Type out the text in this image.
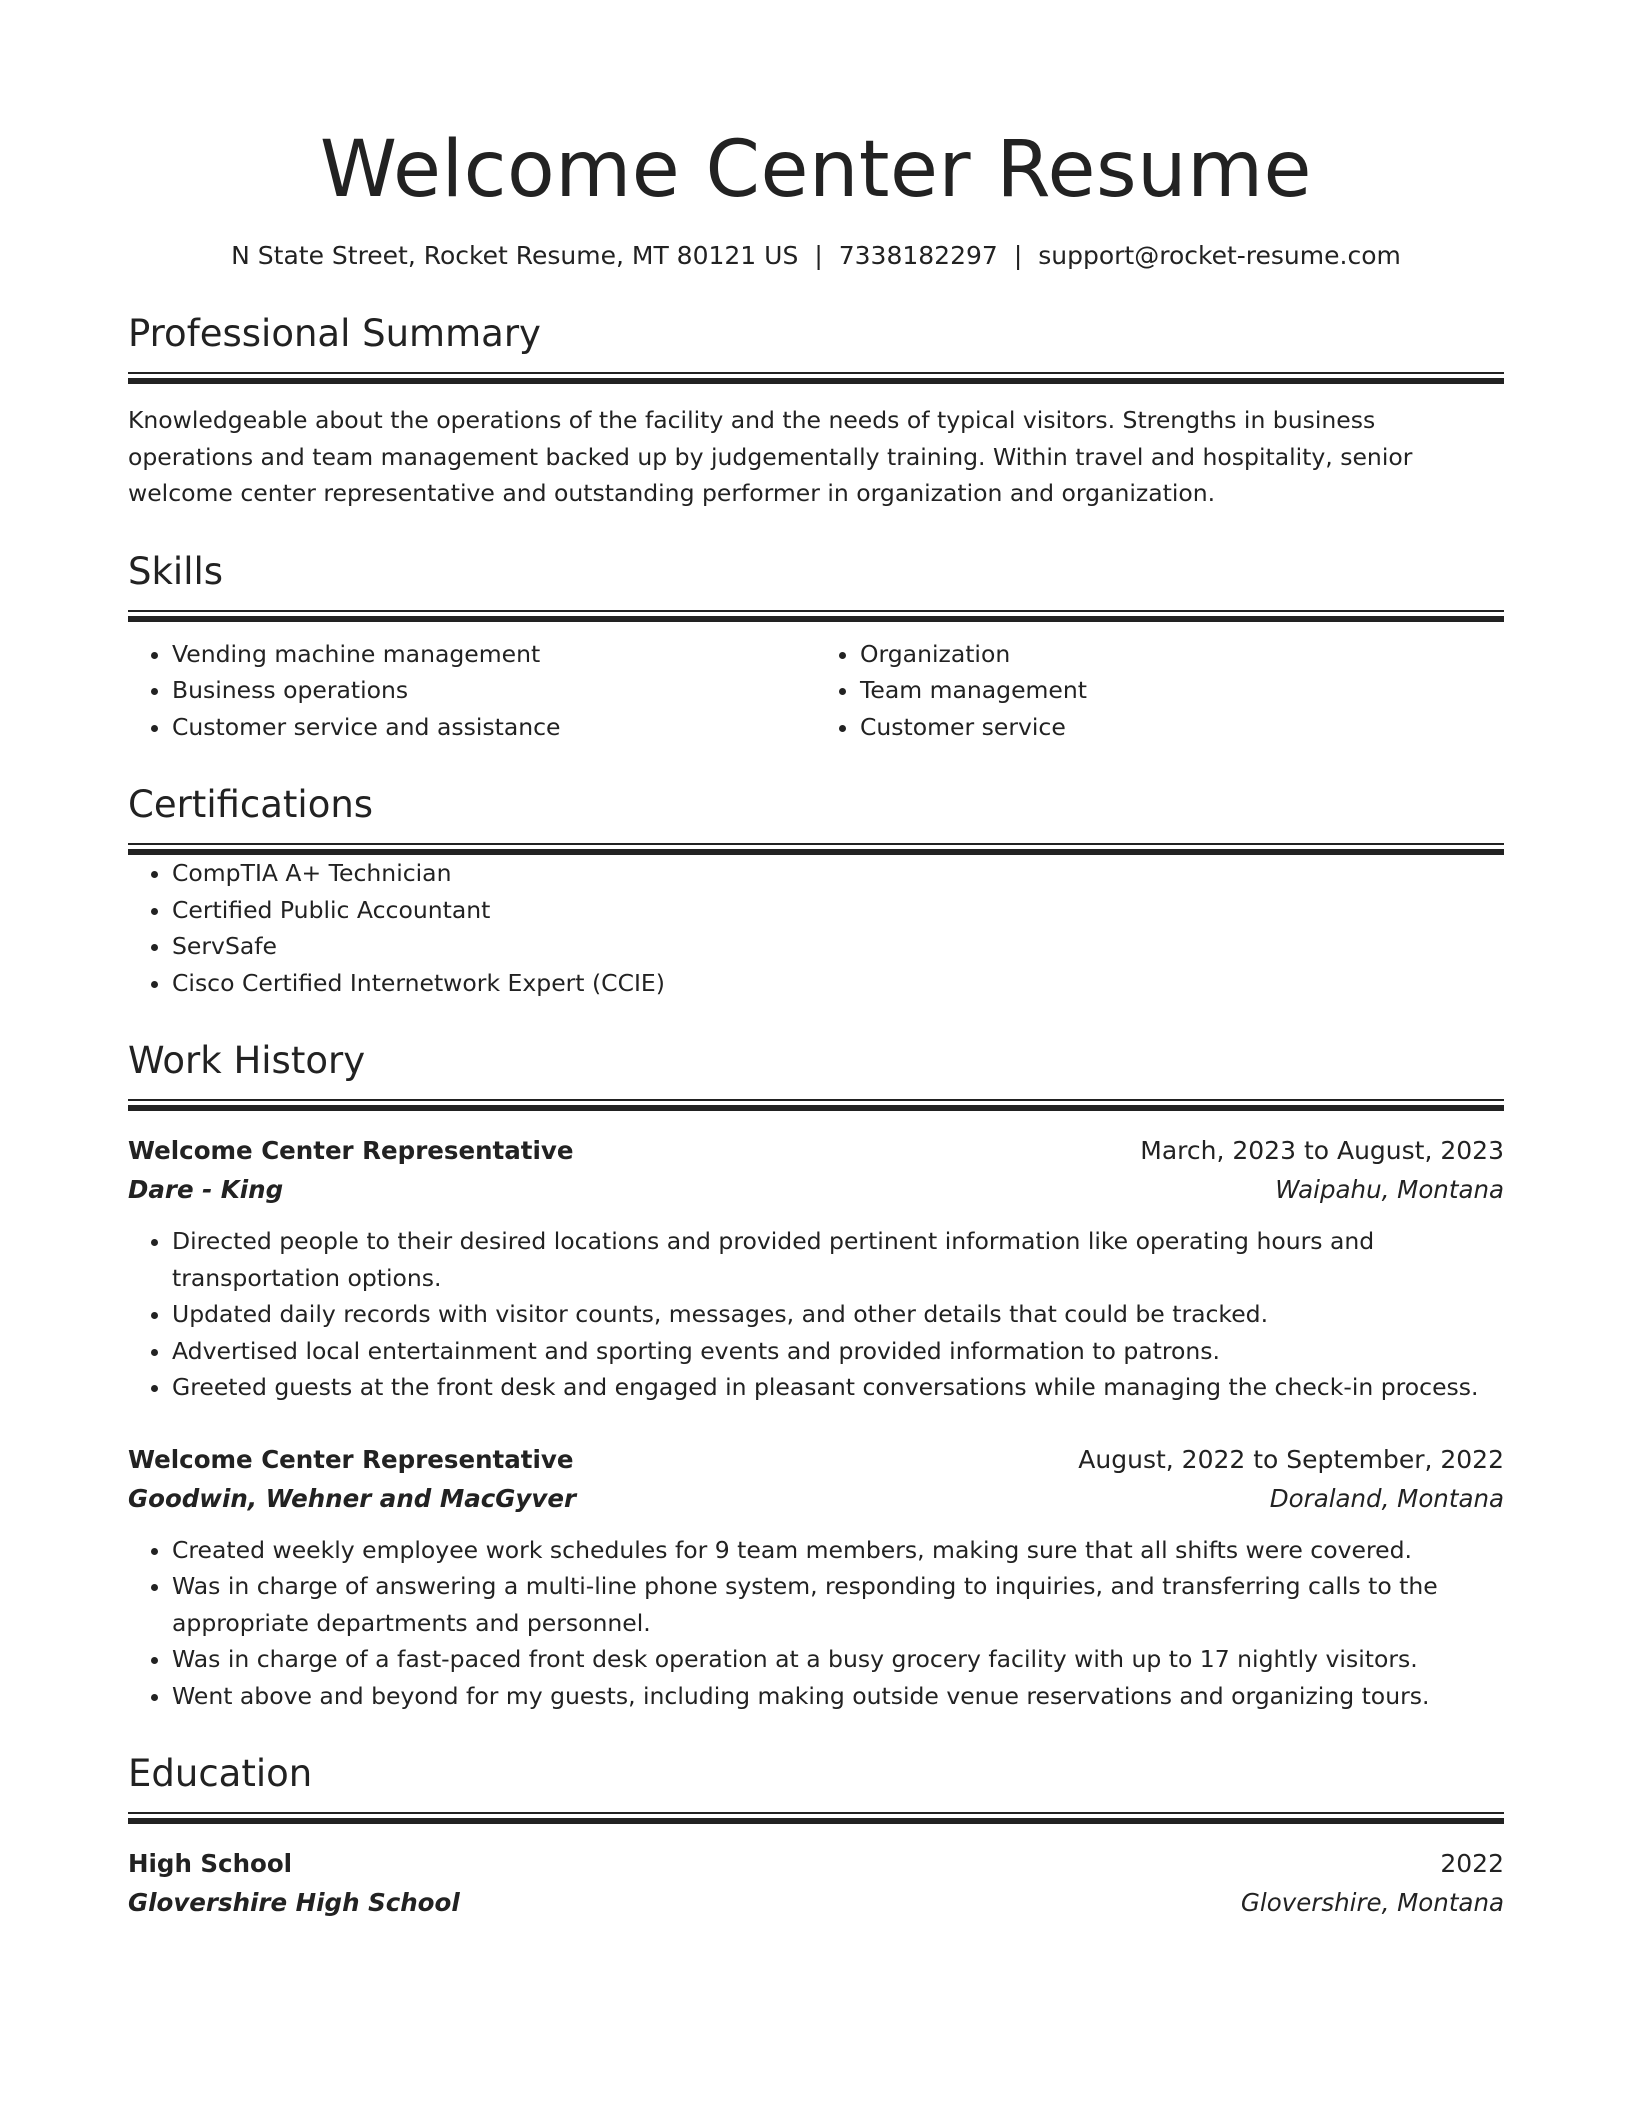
Welcome Center Resume
N State Street, Rocket Resume, MT 80121 US | 7338182297 | support@rocket-resume.com
Professional Summary
Knowledgeable about the operations of the facility and the needs of typical visitors. Strengths in business operations and team management backed up by judgementally training. Within travel and hospitality, senior welcome center representative and outstanding performer in organization and organization.
Skills
• Vending machine management
• Business operations
• Customer service and assistance
• Organization
• Team management
• Customer service
Certifications
• CompTIA A+ Technician
• Certified Public Accountant
• ServSafe
• Cisco Certified Internetwork Expert (CCIE)
Work History
Welcome Center Representative	March, 2023 to August, 2023
Dare - King	Waipahu, Montana
• Directed people to their desired locations and provided pertinent information like operating hours and transportation options.
• Updated daily records with visitor counts, messages, and other details that could be tracked.
• Advertised local entertainment and sporting events and provided information to patrons.
• Greeted guests at the front desk and engaged in pleasant conversations while managing the check-in process.
Welcome Center Representative	August, 2022 to September, 2022
Goodwin, Wehner and MacGyver	Doraland, Montana
• Created weekly employee work schedules for 9 team members, making sure that all shifts were covered.
• Was in charge of answering a multi-line phone system, responding to inquiries, and transferring calls to the appropriate departments and personnel.
• Was in charge of a fast-paced front desk operation at a busy grocery facility with up to 17 nightly visitors.
• Went above and beyond for my guests, including making outside venue reservations and organizing tours.
Education
High School	2022
Glovershire High School	Glovershire, Montana
